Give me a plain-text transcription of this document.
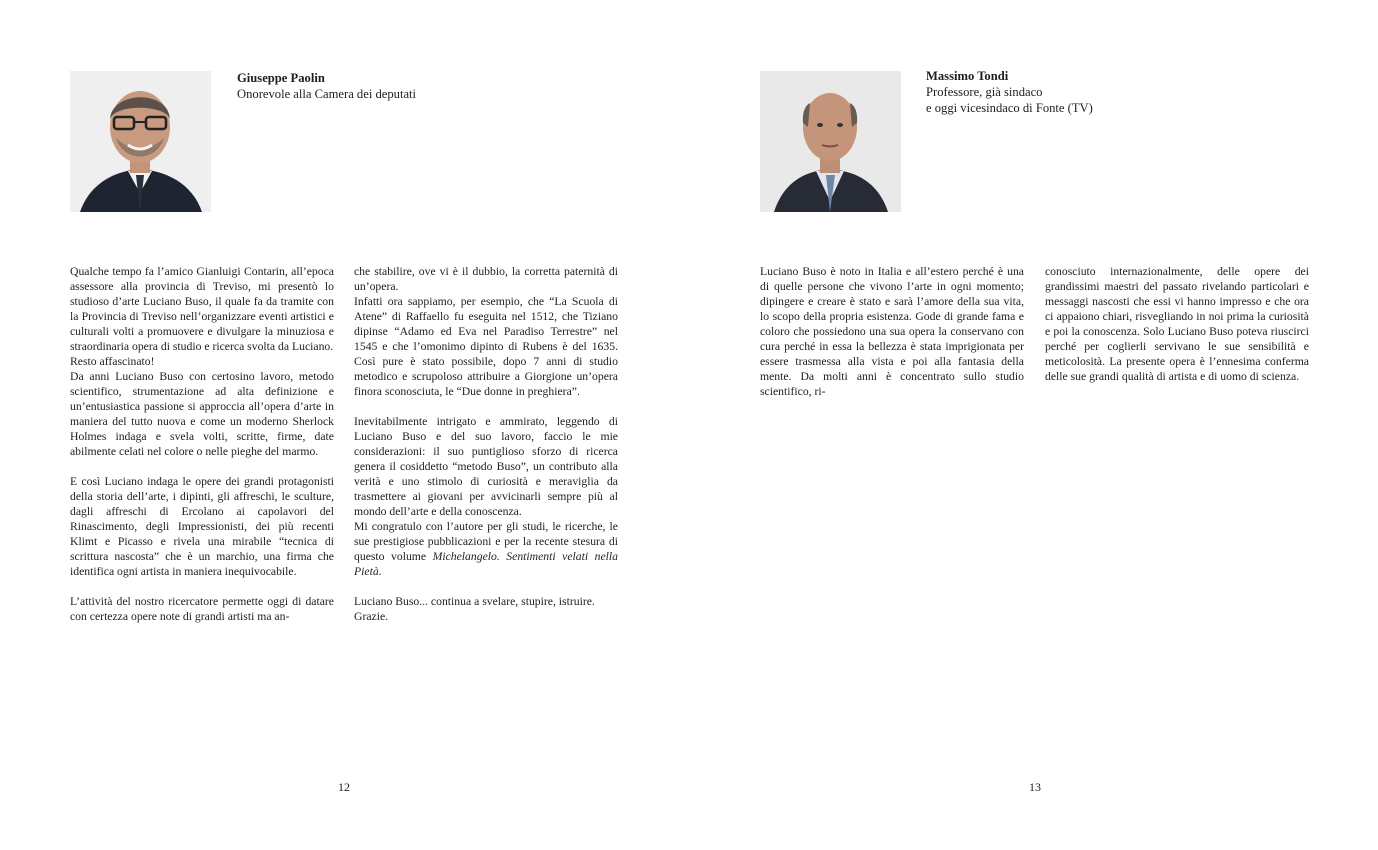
Giuseppe Paolin
Onorevole alla Camera dei deputati

Qualche tempo fa l’amico Gianluigi Contarin, all’epoca assessore alla provincia di Treviso, mi presentò lo studioso d’arte Luciano Buso, il quale fa da tramite con la Provincia di Treviso nell’organizzare eventi artistici e culturali volti a promuovere e divulgare la minuziosa e straordinaria opera di studio e ricerca svolta da Luciano.

Resto affascinato!

Da anni Luciano Buso con certosino lavoro, metodo scientifico, strumentazione ad alta definizione e un’entusiastica passione si approccia all’opera d’arte in maniera del tutto nuova e come un moderno Sherlock Holmes indaga e svela volti, scritte, firme, date abilmente celati nel colore o nelle pieghe del marmo.

E così Luciano indaga le opere dei grandi protagonisti della storia dell’arte, i dipinti, gli affreschi, le sculture, dagli affreschi di Ercolano ai capolavori del Rinascimento, degli Impressionisti, dei più recenti Klimt e Picasso e rivela una mirabile “tecnica di scrittura nascosta” che è un marchio, una firma che identifica ogni artista in maniera inequivocabile.

L’attività del nostro ricercatore permette oggi di datare con certezza opere note di grandi artisti ma an-

che stabilire, ove vi è il dubbio, la corretta paternità di un’opera.

Infatti ora sappiamo, per esempio, che “La Scuola di Atene” di Raffaello fu eseguita nel 1512, che Tiziano dipinse “Adamo ed Eva nel Paradiso Terrestre” nel 1545 e che l’omonimo dipinto di Rubens è del 1635. Così pure è stato possibile, dopo 7 anni di studio metodico e scrupoloso attribuire a Giorgione un’opera finora sconosciuta, le “Due donne in preghiera”.

Inevitabilmente intrigato e ammirato, leggendo di Luciano Buso e del suo lavoro, faccio le mie considerazioni: il suo puntiglioso sforzo di ricerca genera il cosiddetto “metodo Buso”, un contributo alla verità e uno stimolo di curiosità e meraviglia da trasmettere ai giovani per avvicinarli sempre più al mondo dell’arte e della conoscenza.

Mi congratulo con l’autore per gli studi, le ricerche, le sue prestigiose pubblicazioni e per la recente stesura di questo volume Michelangelo. Sentimenti velati nella Pietà.

Luciano Buso... continua a svelare, stupire, istruire.

Grazie.

12
Massimo Tondi
Professore, già sindaco
e oggi vicesindaco di Fonte (TV)

Luciano Buso è noto in Italia e all’estero perché è una di quelle persone che vivono l’arte in ogni momento; dipingere e creare è stato e sarà l’amore della sua vita, lo scopo della propria esistenza. Gode di grande fama e coloro che possiedono una sua opera la conservano con cura perché in essa la bellezza è stata imprigionata per essere trasmessa alla vista e poi alla fantasia della mente. Da molti anni è concentrato sullo studio scientifico, ri-

conosciuto internazionalmente, delle opere dei grandissimi maestri del passato rivelando particolari e messaggi nascosti che essi vi hanno impresso e che ora ci appaiono chiari, risvegliando in noi prima la curiosità e poi la conoscenza. Solo Luciano Buso poteva riuscirci perché per coglierli servivano le sue sensibilità e meticolosità. La presente opera è l’ennesima conferma delle sue grandi qualità di artista e di uomo di scienza.

13
